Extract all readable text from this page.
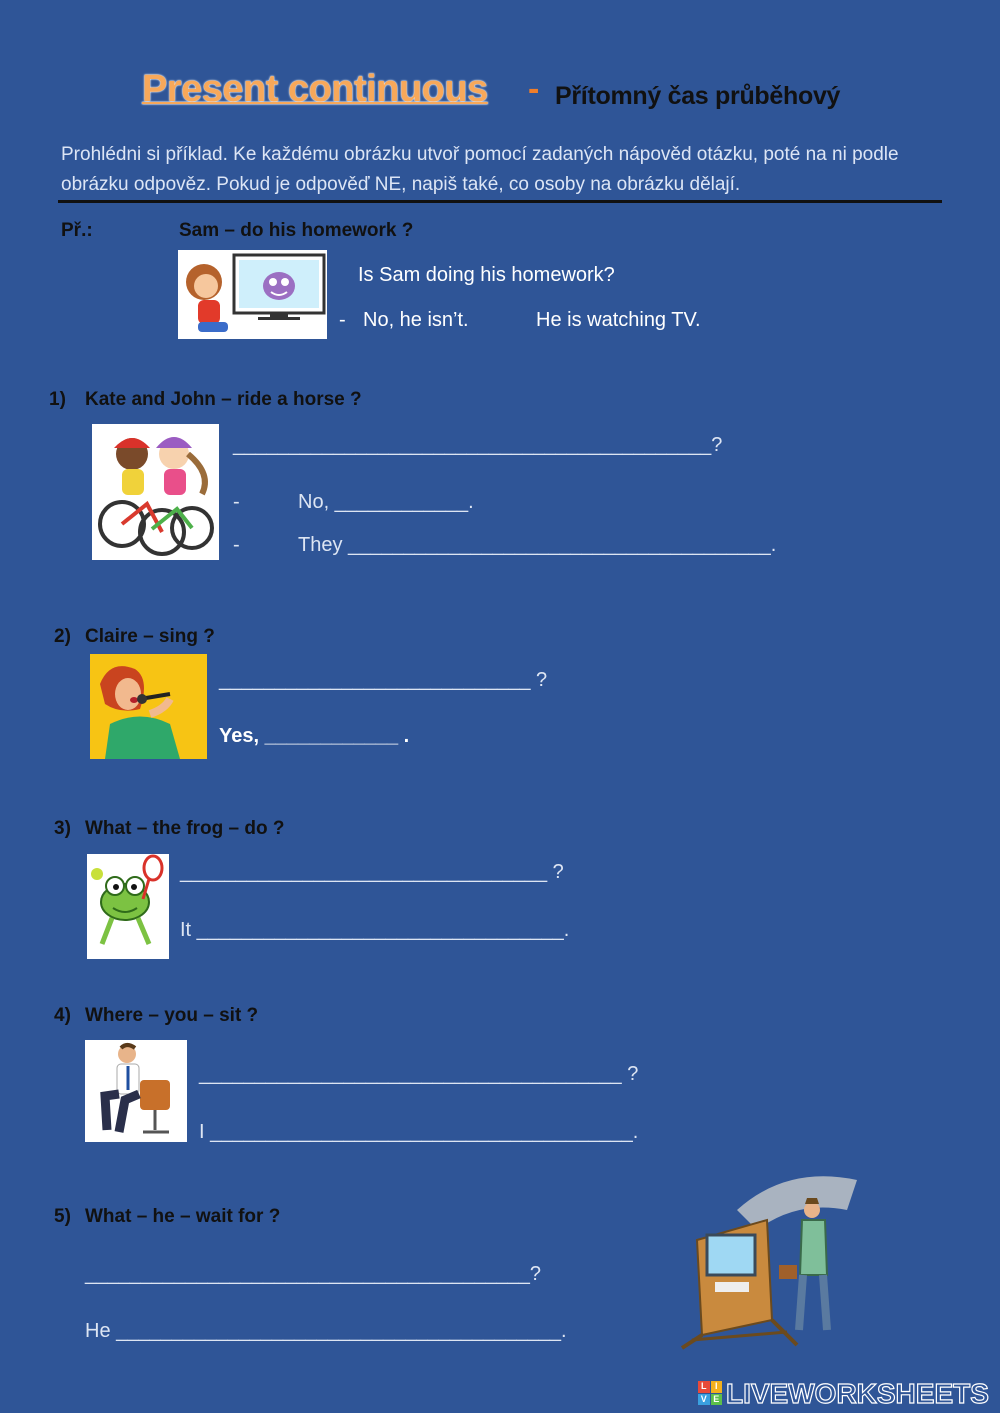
Present continuous - Přítomný čas průběhový
Prohlédni si příklad. Ke každému obrázku utvoř pomocí zadaných nápověd otázku, poté na ni podle obrázku odpověz. Pokud je odpověď NE, napiš také, co osoby na obrázku dělají.
Př.:	Sam – do his homework ?
Is Sam doing his homework?
- No, he isn’t.	He is watching TV.
1) Kate and John – ride a horse ?
___________________________________________?
-	No, ____________.
-	They ______________________________________.
2) Claire – sing ?
____________________________ ?
Yes, ____________ .
3) What – the frog – do ?
_________________________________ ?
It _________________________________.
4) Where – you – sit ?
______________________________________ ?
I ______________________________________.
5) What – he – wait for ?
________________________________________?
He ________________________________________.
L I
V E LIVEWORKSHEETS
